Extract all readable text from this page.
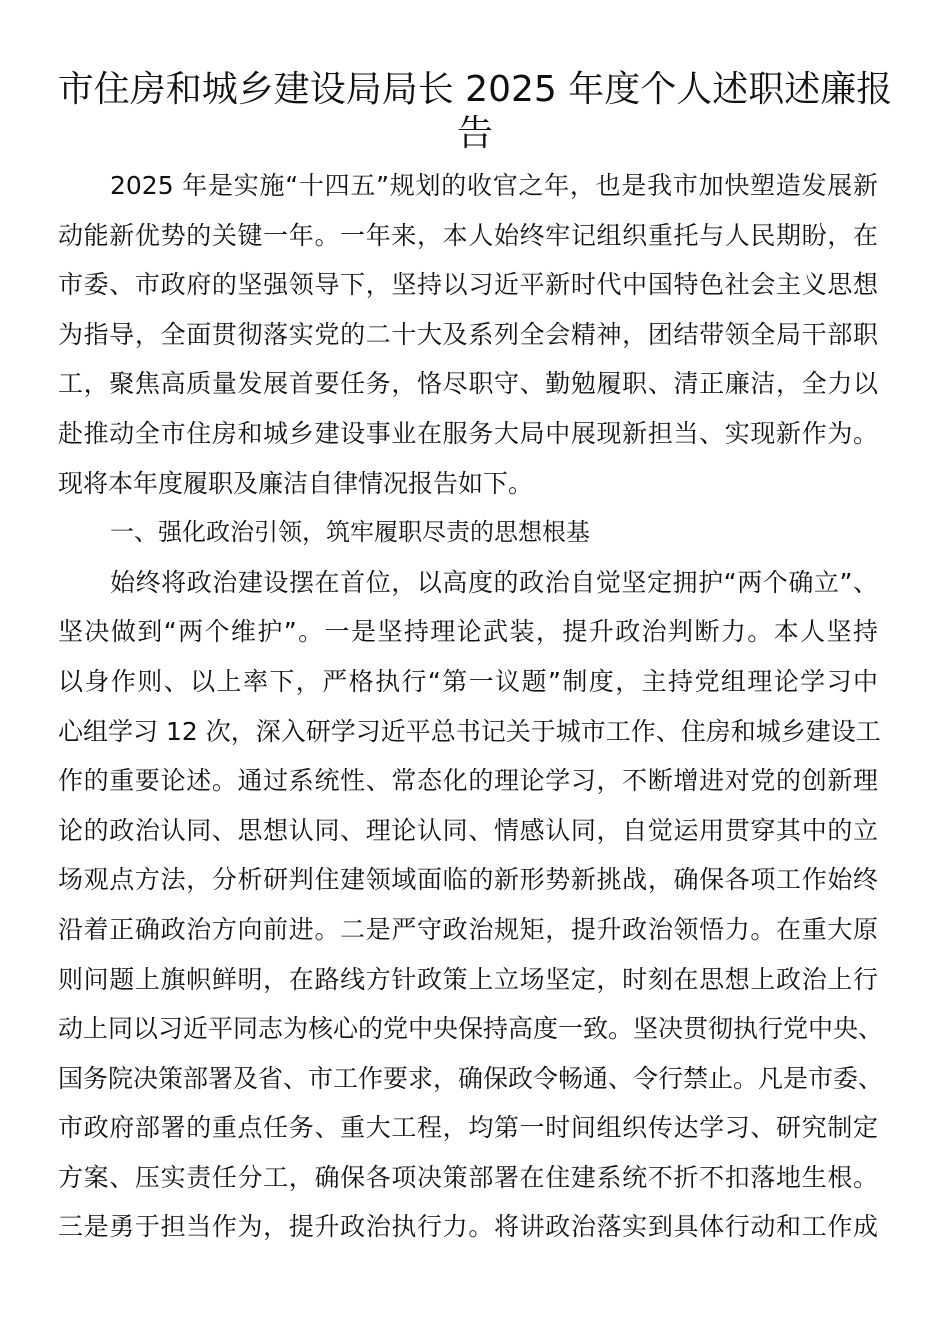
市住房和城乡建设局局长 2025 年度个人述职述廉报
告
2025 年是实施“十四五”规划的收官之年，也是我市加快塑造发展新
动能新优势的关键一年。一年来，本人始终牢记组织重托与人民期盼，在
市委、市政府的坚强领导下，坚持以习近平新时代中国特色社会主义思想
为指导，全面贯彻落实党的二十大及系列全会精神，团结带领全局干部职
工，聚焦高质量发展首要任务，恪尽职守、勤勉履职、清正廉洁，全力以
赴推动全市住房和城乡建设事业在服务大局中展现新担当、实现新作为。
现将本年度履职及廉洁自律情况报告如下。
一、强化政治引领，筑牢履职尽责的思想根基
始终将政治建设摆在首位，以高度的政治自觉坚定拥护“两个确立”、
坚决做到“两个维护”。一是坚持理论武装，提升政治判断力。本人坚持
以身作则、以上率下，严格执行“第一议题”制度，主持党组理论学习中
心组学习 12 次，深入研学习近平总书记关于城市工作、住房和城乡建设工
作的重要论述。通过系统性、常态化的理论学习，不断增进对党的创新理
论的政治认同、思想认同、理论认同、情感认同，自觉运用贯穿其中的立
场观点方法，分析研判住建领域面临的新形势新挑战，确保各项工作始终
沿着正确政治方向前进。二是严守政治规矩，提升政治领悟力。在重大原
则问题上旗帜鲜明，在路线方针政策上立场坚定，时刻在思想上政治上行
动上同以习近平同志为核心的党中央保持高度一致。坚决贯彻执行党中央、
国务院决策部署及省、市工作要求，确保政令畅通、令行禁止。凡是市委、
市政府部署的重点任务、重大工程，均第一时间组织传达学习、研究制定
方案、压实责任分工，确保各项决策部署在住建系统不折不扣落地生根。
三是勇于担当作为，提升政治执行力。将讲政治落实到具体行动和工作成
